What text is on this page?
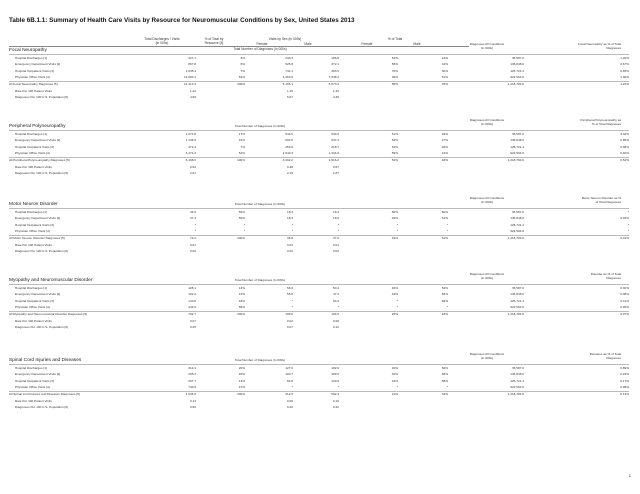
Table 6B.1.1: Summary of Health Care Visits by Resource for Neuromuscular Conditions by Sex, United States 2013
Total Discharges / Visits
(in 000s)
% of Total by
Resource [4]
Visits by Sex (in 000s)
Female	Male
% of Total
Female	Male
Total Number of Diagnoses (in 000s)
Focal Neuropathy
Diagnoses All Conditions
(in 000s)
Focal Neuropathy as % of Total
Diagnoses
Hospital Discharges [1]	427.1	3%	230.3	186.8	54%	44%	35,587.0	1.20%
Emergency Department Visits [2]	867.8	6%	525.8	372.1	58%	42%	136,848.0	0.67%
Hospital Outpatient Visits [3]	1,035.4	7%	741.1	363.5	70%	30%	125,721.4	0.83%
Physician Office Visits [4]	12,083.1	84%	4,453.9	7,648.2	39%	61%	922,594.6	1.30%
All Focal Neuropathy Diagnoses [5]	14,313.4	100%	5,165.1	6,673.4	55%	45%	1,218,784.6	1.22%
Rate Per 100 Patient Visits	1.22	1.15	1.30
Diagnoses Per 100 U.S. Population [6]	4.69	5.07	4.36
Peripheral Polyneuropathy	Total Number of Diagnoses (in 000s)
Diagnoses All Conditions
(in 000s)
Peripheral Polyneuropathy as
% of Total Diagnoses
Hospital Discharges [1]	1,074.8	17%	544.5	530.2	51%	49%	35,587.0	3.02%
Emergency Department Visits [2]	1,136.6	16%	602.5	537.3	53%	47%	136,848.0	0.85%
Hospital Outpatient Visits [3]	472.4	7%	253.6	218.7	54%	46%	125,721.4	0.38%
Physician Office Visits [4]	3,474.4	54%	2,040.3	1,434.0	59%	41%	922,594.6	0.40%
All Peripheral Polyneuropathy Diagnoses [5]	6,168.6	100%	3,402.2	2,916.2	54%	46%	1,218,784.6	0.52%
Rate Per 100 Patient Visits	0.52	0.48	0.57
Diagnoses Per 100 U.S. Population [6]	2.01	2.15	1.87
Motor Neuron Disorder	Total Number of Diagnoses (in 000s)
Diagnoses All Conditions
(in 000s)
Motor Neuron Disorder as %
of Total Diagnoses
Hospital Discharges [1]	36.6	50%	18.3	18.4	50%	50%	35,587.0	*
Emergency Department Visits [2]	37.3	50%	18.3	18.0	49%	51%	136,848.0	0.03%
Hospital Outpatient Visits [3]	*	*	*	*	*	*	125,721.4	*
Physician Office Visits [4]	*	*	*	*	*	*	922,594.6	*
All Motor Neuron Disorder Diagnoses [5]	74.2	100%	36.6	37.6	49%	51%	1,218,784.6	0.01%
Rate Per 100 Patient Visits	0.01	0.01	0.01
Diagnoses Per 100 U.S. Population [6]	0.02	0.02	0.02
Myopathy and Neuromuscular Disorder	Total Number of Diagnoses (in 000s)
Diagnoses All Conditions
(in 000s)
Disorder as % of Total
Diagnoses
Hospital Discharges [1]	105.1	13%	56.6	50.4	46%	52%	35,587.0	0.30%
Emergency Department Visits [2]	102.2	13%	55.0	47.2	44%	56%	136,848.0	0.08%
Hospital Outpatient Visits [3]	143.8	18%	*	94.9	*	66%	125,721.4	0.11%
Physician Office Visits [4]	442.6	56%	*	*	*	*	922,594.6	0.05%
All Myopathy and Neuromuscular Disorder Diagnoses [5]	792.7	100%	109.6	194.5	25%	18%	1,218,784.6	0.07%
Rate Per 100 Patient Visits	0.07	0.02	0.08
Diagnoses Per 100 U.S. Population [6]	0.25	0.07	0.12
Spinal Cord Injuries and Diseases	Total Number of Diagnoses (in 000s)
Diagnoses All Conditions
(in 000s)
Diseases as % of Total
Diagnoses
Hospital Discharges [1]	314.1	20%	127.0	182.0	40%	60%	35,587.0	0.89%
Emergency Department Visits [2]	295.3	18%	100.7	189.5	34%	66%	136,848.0	0.22%
Hospital Outpatient Visits [3]	207.7	13%	84.8	120.9	42%	58%	125,721.4	0.17%
Physician Office Visits [4]	740.6	47%	*	*	*	*	922,594.6	0.08%
All Spinal Cord Injuries and Diseases Diagnoses [5]	1,545.6	100%	312.5	502.4	21%	32%	1,218,784.6	0.13%
Rate Per 100 Patient Visits	0.13	0.05	0.10
Diagnoses Per 100 U.S. Population [6]	0.50	0.20	0.32
1
